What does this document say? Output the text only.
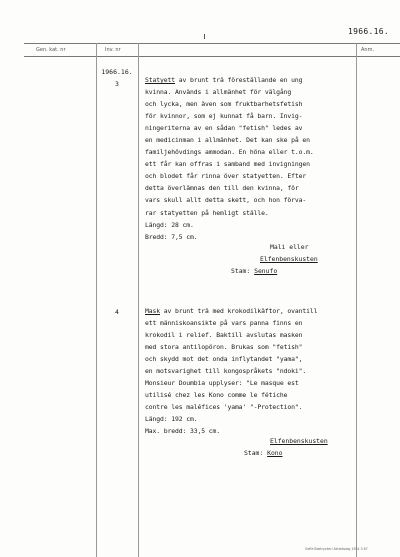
1966.16.
Gen. kat. nr	Inv. nr	Anm.
1966.16.
3	Statyett av brunt trä föreställande en ung
kvinna. Används i allmänhet för välgång
och lycka, men även som fruktbarhetsfetish
för kvinnor, som ej kunnat få barn. Invig-
ningeriterna av en sådan "fetish" ledes av
en medicinman i allmänhet. Det kan ske på en
familjehövdings ammodan. En höna eller t.o.m.
ett får kan offras i samband med invigningen
och blodet får rinna över statyetten. Efter
detta överlämnas den till den kvinna, för
vars skull allt detta skett, och hon förva-
rar statyetten på hemligt ställe.
Längd: 28 cm.
Bredd: 7,5 cm.
Mali eller
Elfenbenskusten
Stam: Senufo
4	Mask av brunt trä med krokodilkäftor, ovantill
ett människoansikte på vars panna finns en
krokodil i relief. Baktill avslutas masken
med stora antilopöron. Brukas som "fetish"
och skydd mot det onda inflytandet "yama",
en motsvarighet till kongospråkets "ndoki".
Monsieur Doumbia upplyser: "Le masque est
utilisé chez les Kono comme le fétiche
contre les maléfices 'yama' "-Protection".
Längd: 192 cm.
Max. bredd: 33,5 cm.
Elfenbenskusten
Stam: Kono
Gefle Boktryckeri Aktiebolag 1954 5 67
